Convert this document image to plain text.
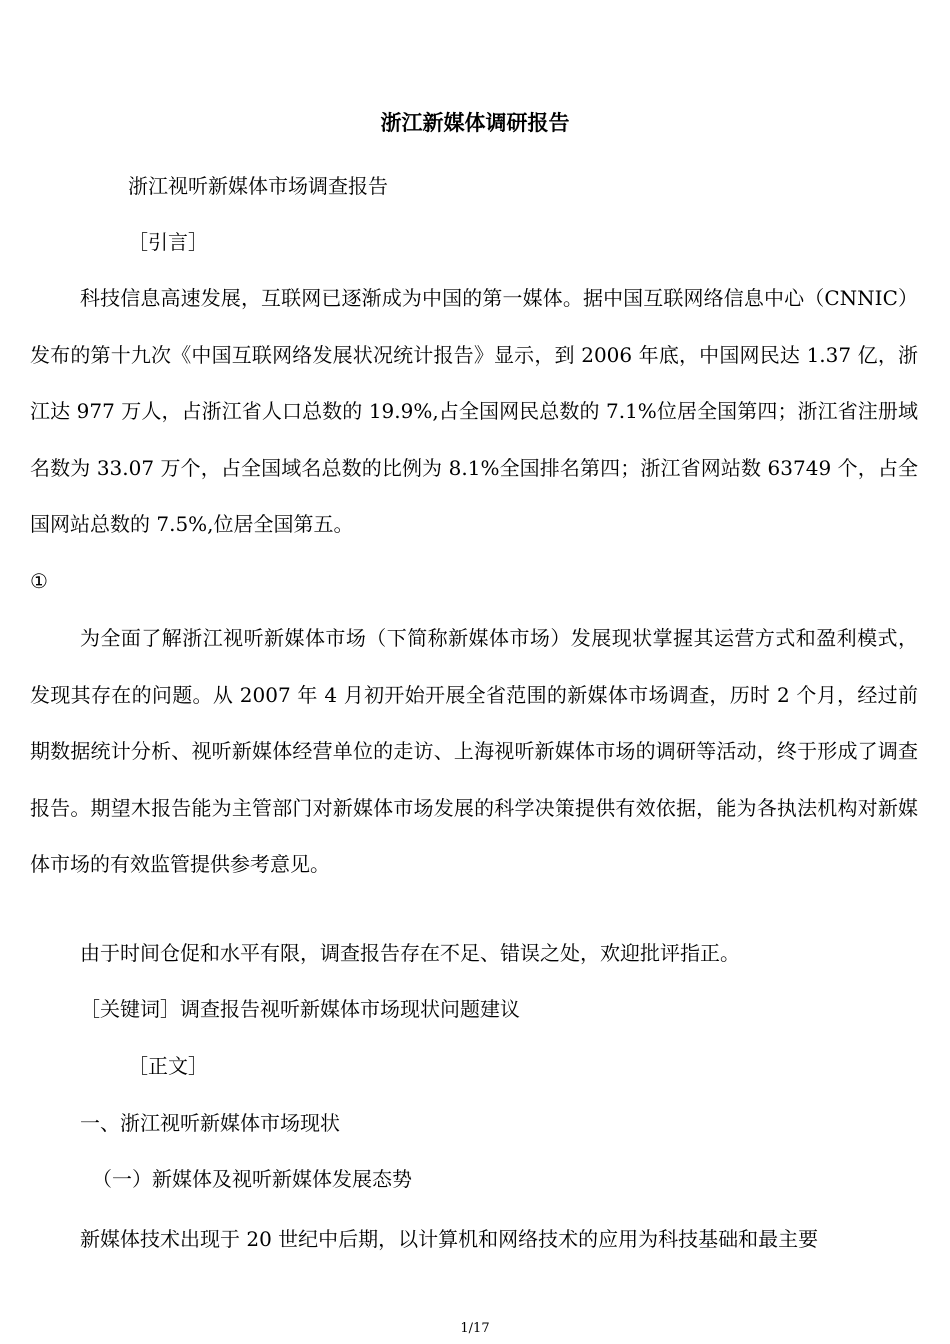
浙江新媒体调研报告
浙江视听新媒体市场调查报告
［引言］
科技信息高速发展，互联网已逐渐成为中国的第一媒体。据中国互联网络信息中心（CNNIC）发布的第十九次《中国互联网络发展状况统计报告》显示，到 2006 年底，中国网民达 1.37 亿，浙江达 977 万人，占浙江省人口总数的 19.9%,占全国网民总数的 7.1%位居全国第四；浙江省注册域名数为 33.07 万个，占全国域名总数的比例为 8.1%全国排名第四；浙江省网站数 63749 个，占全国网站总数的 7.5%,位居全国第五。
①
为全面了解浙江视听新媒体市场（下简称新媒体市场）发展现状掌握其运营方式和盈利模式，发现其存在的问题。从 2007 年 4 月初开始开展全省范围的新媒体市场调查，历时 2 个月，经过前期数据统计分析、视听新媒体经营单位的走访、上海视听新媒体市场的调研等活动，终于形成了调查报告。期望木报告能为主管部门对新媒体市场发展的科学决策提供有效依据，能为各执法机构对新媒体市场的有效监管提供参考意见。
由于时间仓促和水平有限，调查报告存在不足、错误之处，欢迎批评指正。
［关键词］调查报告视听新媒体市场现状问题建议
［正文］
一、浙江视听新媒体市场现状
（一）新媒体及视听新媒体发展态势
新媒体技术出现于 20 世纪中后期，以计算机和网络技术的应用为科技基础和最主要
1/17
